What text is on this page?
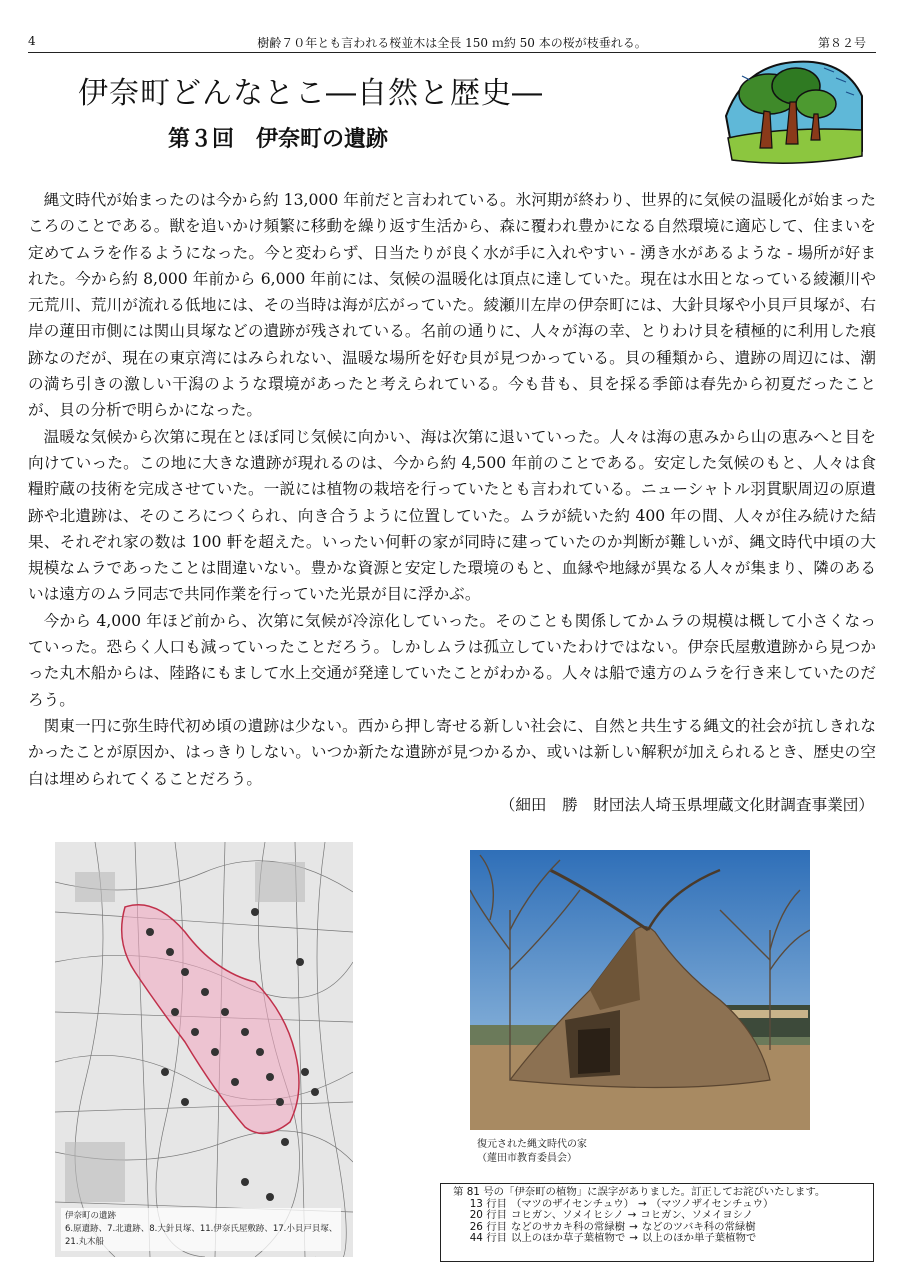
4	樹齢７０年とも言われる桜並木は全長 150 ｍ約 50 本の桜が枝垂れる。	第８２号
伊奈町どんなとこ―自然と歴史―
第３回　伊奈町の遺跡

縄文時代が始まったのは今から約 13,000 年前だと言われている。氷河期が終わり、世界的に気候の温暖化が始まったころのことである。獣を追いかけ頻繁に移動を繰り返す生活から、森に覆われ豊かになる自然環境に適応して、住まいを定めてムラを作るようになった。今と変わらず、日当たりが良く水が手に入れやすい - 湧き水があるような - 場所が好まれた。今から約 8,000 年前から 6,000 年前には、気候の温暖化は頂点に達していた。現在は水田となっている綾瀬川や元荒川、荒川が流れる低地には、その当時は海が広がっていた。綾瀬川左岸の伊奈町には、大針貝塚や小貝戸貝塚が、右岸の蓮田市側には関山貝塚などの遺跡が残されている。名前の通りに、人々が海の幸、とりわけ貝を積極的に利用した痕跡なのだが、現在の東京湾にはみられない、温暖な場所を好む貝が見つかっている。貝の種類から、遺跡の周辺には、潮の満ち引きの激しい干潟のような環境があったと考えられている。今も昔も、貝を採る季節は春先から初夏だったことが、貝の分析で明らかになった。

温暖な気候から次第に現在とほぼ同じ気候に向かい、海は次第に退いていった。人々は海の恵みから山の恵みへと目を向けていった。この地に大きな遺跡が現れるのは、今から約 4,500 年前のことである。安定した気候のもと、人々は食糧貯蔵の技術を完成させていた。一説には植物の栽培を行っていたとも言われている。ニューシャトル羽貫駅周辺の原遺跡や北遺跡は、そのころにつくられ、向き合うように位置していた。ムラが続いた約 400 年の間、人々が住み続けた結果、それぞれ家の数は 100 軒を超えた。いったい何軒の家が同時に建っていたのか判断が難しいが、縄文時代中頃の大規模なムラであったことは間違いない。豊かな資源と安定した環境のもと、血縁や地縁が異なる人々が集まり、隣のあるいは遠方のムラ同志で共同作業を行っていた光景が目に浮かぶ。

今から 4,000 年ほど前から、次第に気候が冷涼化していった。そのことも関係してかムラの規模は概して小さくなっていった。恐らく人口も減っていったことだろう。しかしムラは孤立していたわけではない。伊奈氏屋敷遺跡から見つかった丸木船からは、陸路にもまして水上交通が発達していたことがわかる。人々は船で遠方のムラを行き来していたのだろう。

関東一円に弥生時代初め頃の遺跡は少ない。西から押し寄せる新しい社会に、自然と共生する縄文的社会が抗しきれなかったことが原因か、はっきりしない。いつか新たな遺跡が見つかるか、或いは新しい解釈が加えられるとき、歴史の空白は埋められてくることだろう。

（細田　勝　財団法人埼玉県埋蔵文化財調査事業団）

伊奈町の遺跡
6.原遺跡、7.北遺跡、8.大針貝塚、11.伊奈氏屋敷跡、17.小貝戸貝塚、
21.丸木船
復元された縄文時代の家
（蓮田市教育委員会）
第 81 号の「伊奈町の植物」に誤字がありました。訂正してお詫びいたします。
13 行目 （マツのザイセンチュウ） → （マツノザイセンチュウ）
20 行目 コヒガン、ソメイヒシノ → コヒガン、ソメイヨシノ
26 行目 などのサカキ科の常緑樹 → などのツバキ科の常緑樹
44 行目 以上のほか草子葉植物で → 以上のほか単子葉植物で
